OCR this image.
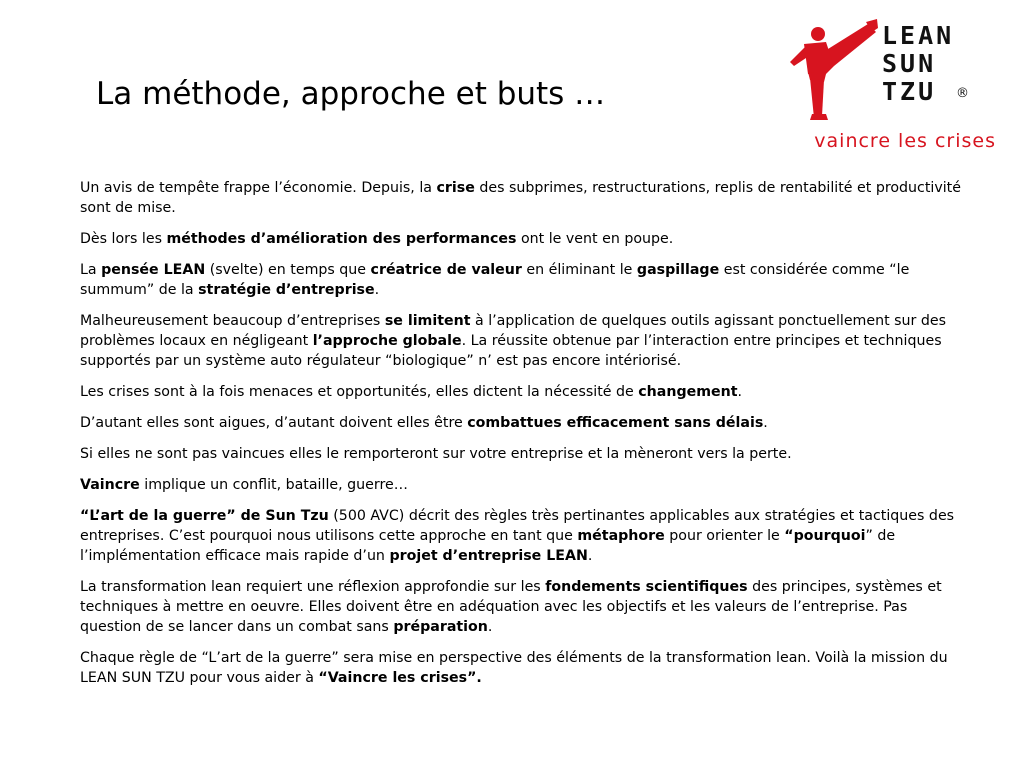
La méthode, approche et buts …
LEAN
SUN
TZU	®
vaincre les crises

Un avis de tempête frappe l’économie. Depuis, la crise des subprimes, restructurations, replis de rentabilité et productivité sont de mise.

Dès lors les méthodes d’amélioration des performances ont le vent en poupe.

La pensée LEAN (svelte) en temps que créatrice de valeur en éliminant le gaspillage est considérée comme “le summum” de la stratégie d’entreprise.

Malheureusement beaucoup d’entreprises se limitent à l’application de quelques outils agissant ponctuellement sur des problèmes locaux en négligeant l’approche globale. La réussite obtenue par l’interaction entre principes et techniques supportés par un système auto régulateur “biologique” n’ est pas encore intériorisé.

Les crises sont à la fois menaces et opportunités, elles dictent la nécessité de changement.

D’autant elles sont aigues, d’autant doivent elles être combattues efficacement sans délais.

Si elles ne sont pas vaincues elles le remporteront sur votre entreprise et la mèneront vers la perte.

Vaincre implique un conflit, bataille, guerre…

“L’art de la guerre” de Sun Tzu (500 AVC) décrit des règles très pertinantes applicables aux stratégies et tactiques des entreprises. C’est pourquoi nous utilisons cette approche en tant que métaphore pour orienter le “pourquoi” de l’implémentation efficace mais rapide d’un projet d’entreprise LEAN.

La transformation lean requiert une réflexion approfondie sur les fondements scientifiques des principes, systèmes et techniques à mettre en oeuvre. Elles doivent être en adéquation avec les objectifs et les valeurs de l’entreprise. Pas question de se lancer dans un combat sans préparation.

Chaque règle de “L’art de la guerre” sera mise en perspective des éléments de la transformation lean. Voilà la mission du LEAN SUN TZU pour vous aider à “Vaincre les crises”.
